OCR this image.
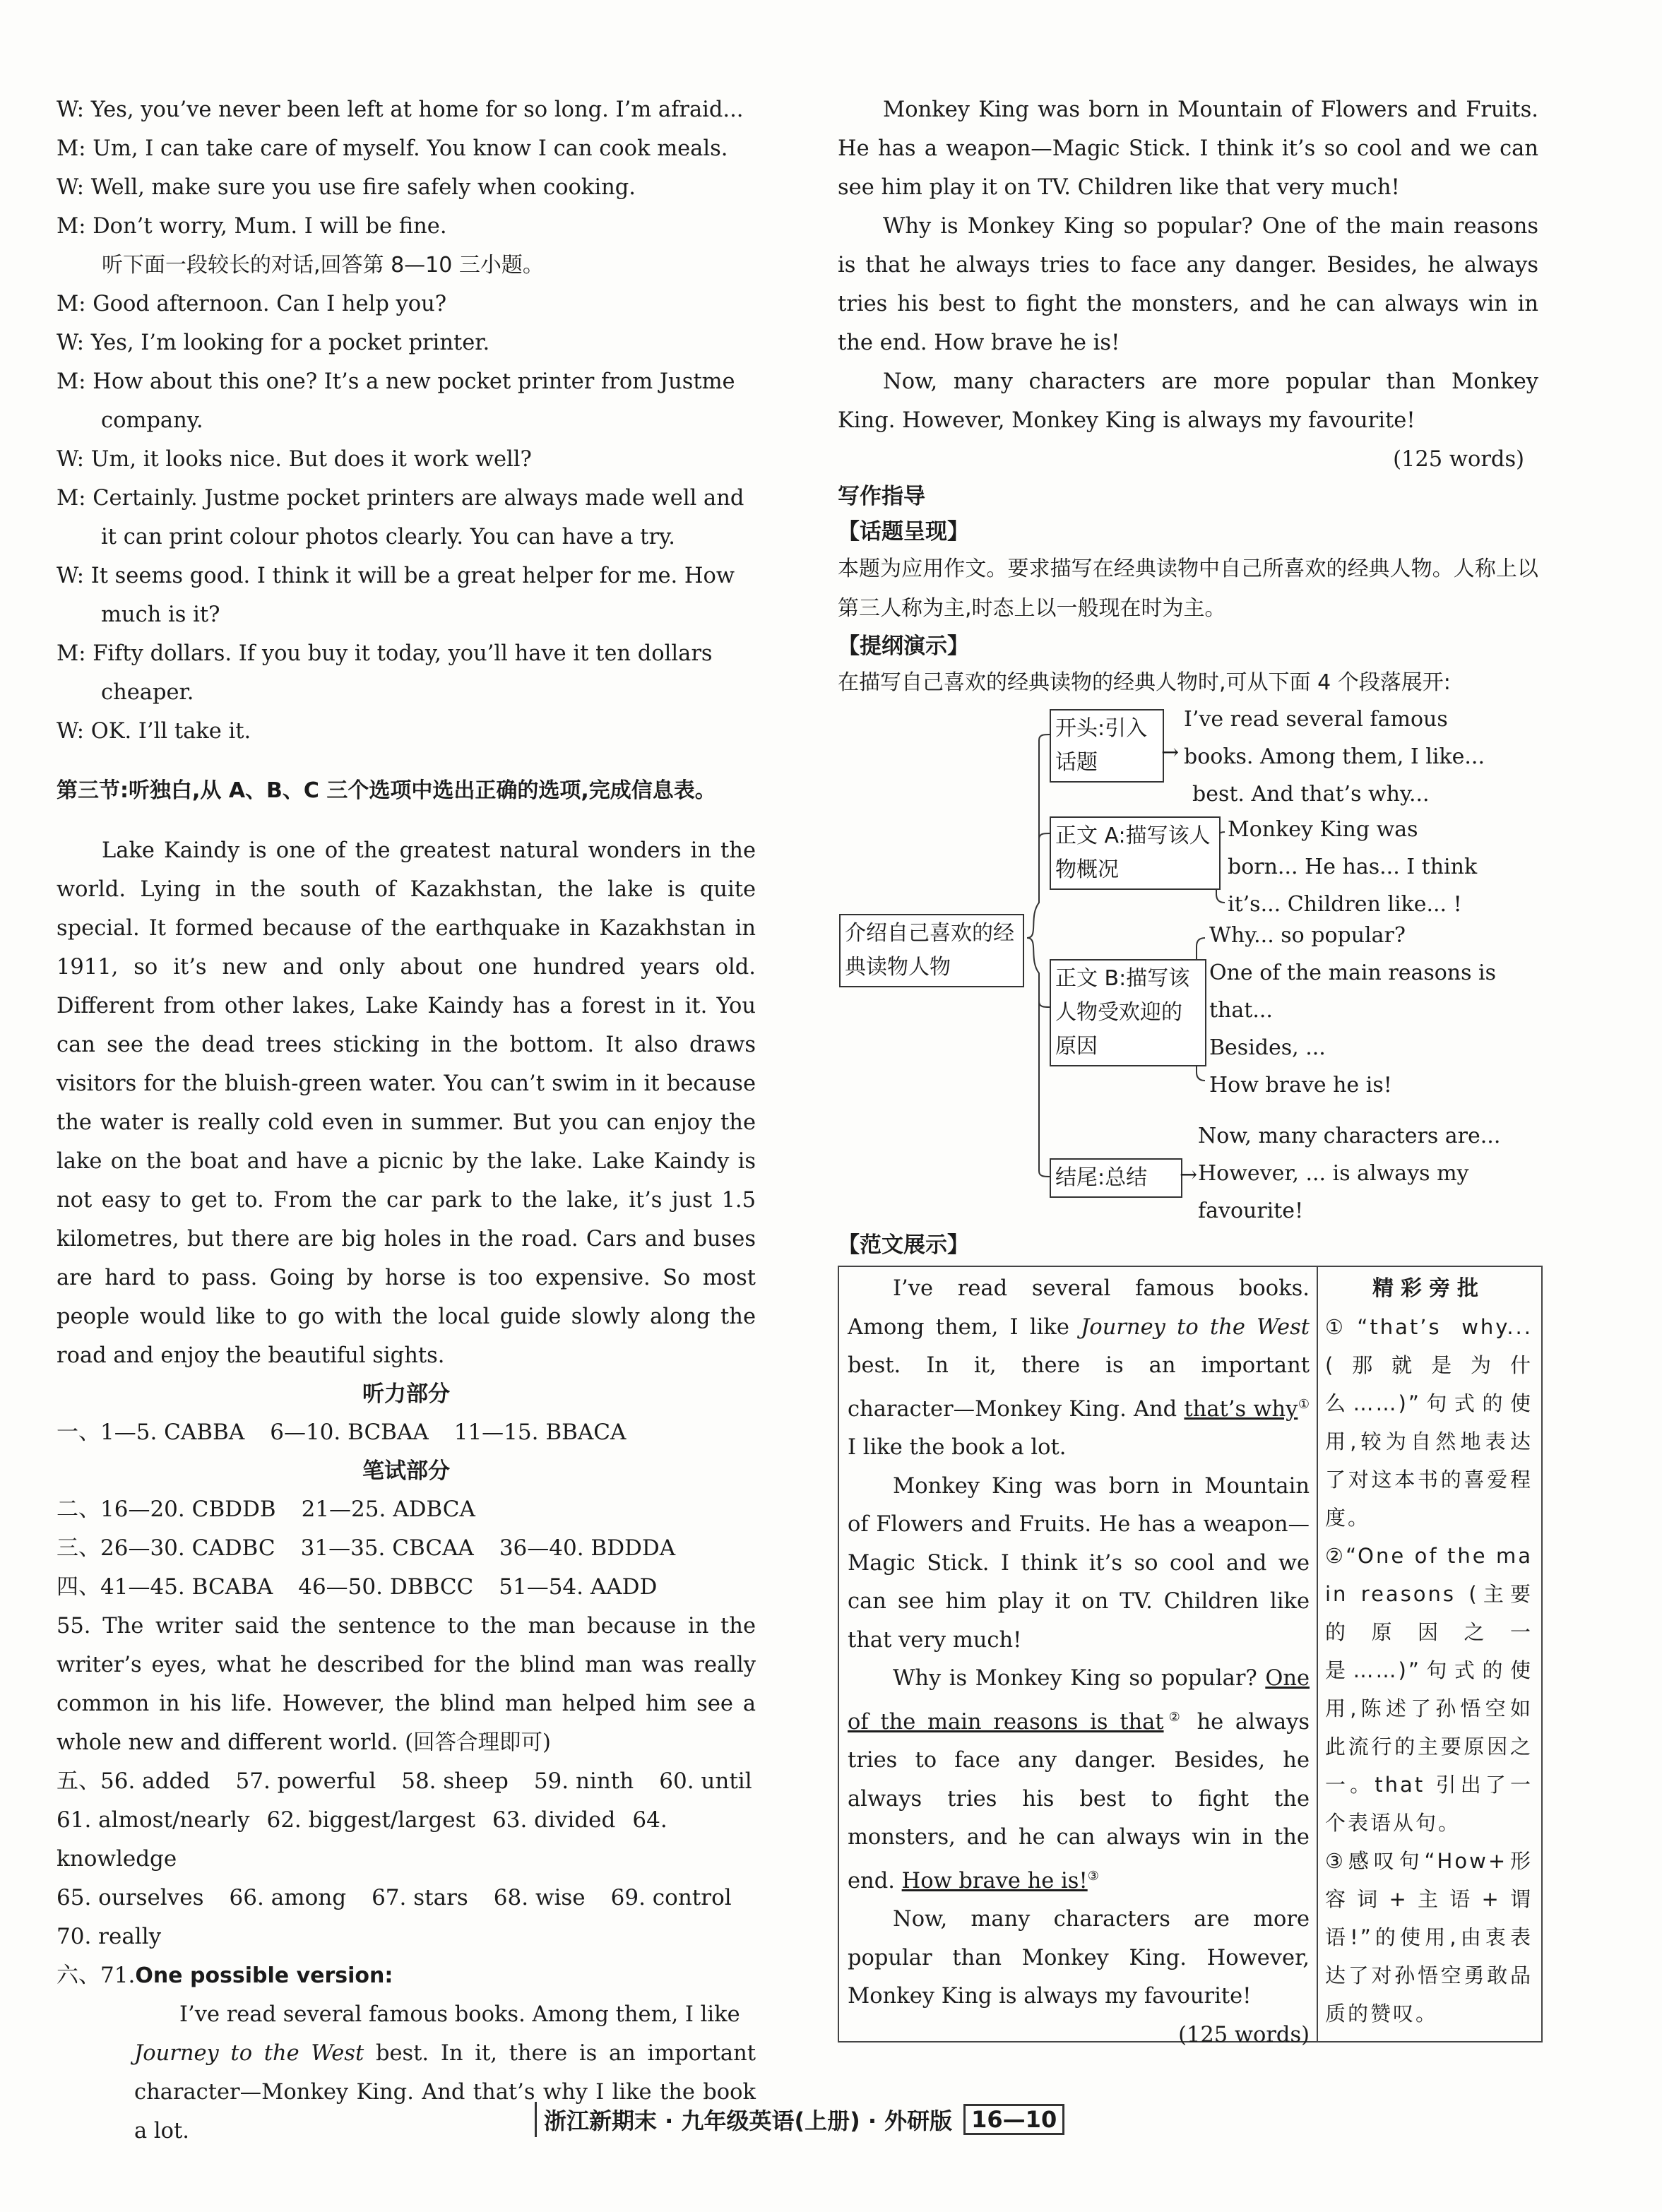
W: Yes, you’ve never been left at home for so long. I’m afraid...

M: Um, I can take care of myself. You know I can cook meals.

W: Well, make sure you use fire safely when cooking.

M: Don’t worry, Mum. I will be fine.

听下面一段较长的对话,回答第 8—10 三小题。

M: Good afternoon. Can I help you?

W: Yes, I’m looking for a pocket printer.

M: How about this one? It’s a new pocket printer from Justme company.

W: Um, it looks nice. But does it work well?

M: Certainly. Justme pocket printers are always made well and it can print colour photos clearly. You can have a try.

W: It seems good. I think it will be a great helper for me. How much is it?

M: Fifty dollars. If you buy it today, you’ll have it ten dollars cheaper.

W: OK. I’ll take it.

第三节:听独白,从 A、B、C 三个选项中选出正确的选项,完成信息表。

Lake Kaindy is one of the greatest natural wonders in the world. Lying in the south of Kazakhstan, the lake is quite special. It formed because of the earthquake in Kazakhstan in 1911, so it’s new and only about one hundred years old. Different from other lakes, Lake Kaindy has a forest in it. You can see the dead trees sticking in the bottom. It also draws visitors for the bluish-green water. You can’t swim in it because the water is really cold even in summer. But you can enjoy the lake on the boat and have a picnic by the lake. Lake Kaindy is not easy to get to. From the car park to the lake, it’s just 1.5 kilometres, but there are big holes in the road. Cars and buses are hard to pass. Going by horse is too expensive. So most people would like to go with the local guide slowly along the road and enjoy the beautiful sights.

听力部分

一、1—5. CABBA 6—10. BCBAA 11—15. BBACA

笔试部分

二、16—20. CBDDB 21—25. ADBCA

三、26—30. CADBC 31—35. CBCAA 36—40. BDDDA

四、41—45. BCABA 46—50. DBBCC 51—54. AADD

55. The writer said the sentence to the man because in the writer’s eyes, what he described for the blind man was really common in his life. However, the blind man helped him see a whole new and different world. (回答合理即可)

五、56. added 57. powerful 58. sheep 59. ninth 60. until

61. almost/nearly 62. biggest/largest 63. divided 64. knowledge

65. ourselves 66. among 67. stars 68. wise 69. control

70. really

六、71.One possible version:

I’ve read several famous books. Among them, I like
Journey to the West best. In it, there is an important character—Monkey King. And that’s why I like the book a lot.

Monkey King was born in Mountain of Flowers and Fruits. He has a weapon—Magic Stick. I think it’s so cool and we can see him play it on TV. Children like that very much!

Why is Monkey King so popular? One of the main reasons is that he always tries to face any danger. Besides, he always tries his best to fight the monsters, and he can always win in the end. How brave he is!

Now, many characters are more popular than Monkey King. However, Monkey King is always my favourite!

(125 words)

写作指导

【话题呈现】

本题为应用作文。要求描写在经典读物中自己所喜欢的经典人物。人称上以第三人称为主,时态上以一般现在时为主。

【提纲演示】

在描写自己喜欢的经典读物的经典人物时,可从下面 4 个段落展开:

介绍自己喜欢的经典读物人物
开头:引入话题	→
I’ve read several famous
books. Among them, I like...
best. And that’s why...
正文 A:描写该人物概况
Monkey King was
born... He has... I think
it’s... Children like... !
正文 B:描写该人物受欢迎的原因
Why... so popular?
One of the main reasons is
that...
Besides, ...
How brave he is!
结尾:总结	→
Now, many characters are...
However, ... is always my
favourite!

【范文展示】

I’ve read several famous books. Among them, I like Journey to the West best. In it, there is an important character—Monkey King. And that’s why① I like the book a lot.

Monkey King was born in Mountain of Flowers and Fruits. He has a weapon—Magic Stick. I think it’s so cool and we can see him play it on TV. Children like that very much!

Why is Monkey King so popular? One of the main reasons is that② he always tries to face any danger. Besides, he always tries his best to fight the monsters, and he can always win in the end. How brave he is!③

Now, many characters are more popular than Monkey King. However, Monkey King is always my favourite!

(125 words)

精彩旁批

①“that’s why...(那就是为什么……)”句式的使用,较为自然地表达了对这本书的喜爱程度。

②“One of the main reasons (主要的原因之一是……)”句式的使用,陈述了孙悟空如此流行的主要原因之一。that 引出了一个表语从句。

③感叹句“How+形容词+主语+谓语!”的使用,由衷表达了对孙悟空勇敢品质的赞叹。

浙江新期末 · 九年级英语(上册) · 外研版 16—10
